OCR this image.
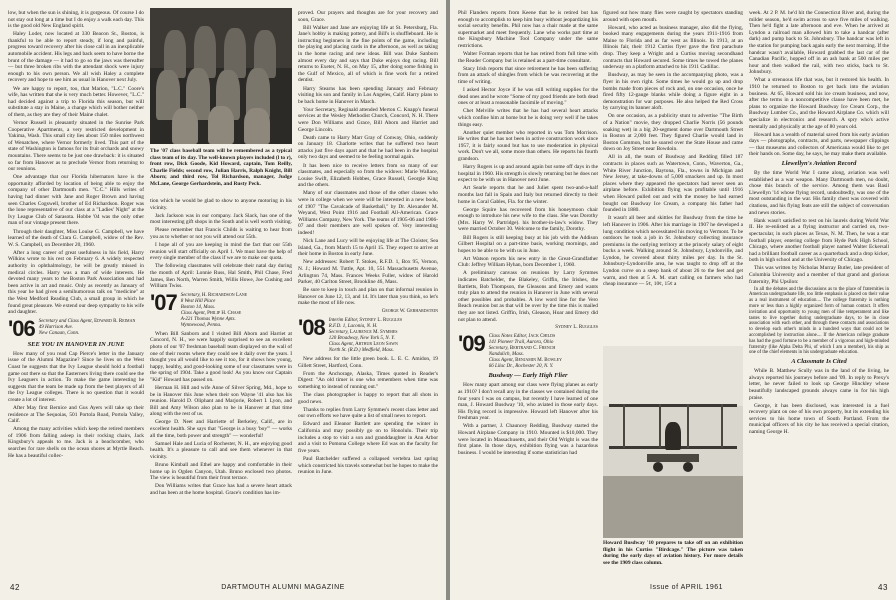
low, but when the sun is shining, it is gorgeous. Of course I do not stay out long at a time but I do enjoy a walk each day. This is the good old New England spirit.

Haley Loder, now located at 330 Beacon St., Boston, is thankful to be able to report steady, if long and painful, progress toward recovery after his close call in an inexplicable automobile accident. His legs and back seem to have borne the brunt of the damage — it had to go so the jaws was thereafter — but three broken ribs with the attendant shock were injury enough to his own person. We all wish Haley a complete recovery and hope to see him as usual in Hanover next July.

We are happy to report, too, that Marion, "L.C." Coore's wife, has written that she is very much better. However, "L.C." had decided against a trip to Florida this season, but will substitute a stay in Maine, a change which will bother neither of them, as they are they of their Maine chalet.

Vernor Russell is pleasantly situated in the Sunrise Park Cooperative Apartments, a very restricted development in Yakima, Wash. This small city lies about 150 miles northwest of Wenatchee, where Vernor formerly lived. This part of the state of Washington is famous for its fruit orchards and snowy mountains. There seems to be just one drawback: it is situated so far from Hanover as to preclude Vernor from returning to our reunions.

One advantage that our Florida hibernators have is the opportunity afforded by location of being able to enjoy the company of other Dartmouth men. "C.C." Hills writes of having had dinner with Jane and Roger Brown and having seen Charles Cogswell, brother of Ed Richardson. Roger was the lone representative of our class at a "Ladies' Night" at the Ivy League Club of Sarasota. Hobbe '04 was the only other man of our vintage present there.

Through their daughter, Miss Louise G. Campbell, we have learned of the death of Clara G. Campbell, widow of the Rev. W. S. Campbell, on December 20, 1960.

After a long career of great usefulness in his field, Harry Wilkins wrote to his rest on February 6. A widely respected authority in ophthalmology, he will be greatly missed in medical circles. Harry was a man of wide interests. He devoted many years to the Boston Park Association and had been active in art and music. Only as recently as January of this year he had given a semihumorous talk on "medicine" at the West Medford Reading Club, a small group in which he found great pleasure. We extend our deep sympathy to his wife and daughter.

'06 Secretary and Class Agent, Edward R. Reiman
49 Harrison Ave.
New Canaan, Conn.
SEE YOU IN HANOVER IN JUNE

How many of you read Cap Pierce's letter in the January issue of the Alumni Magazine? Since he lives on the West Coast he suggests that the Ivy League should hold a football game out there so that the Easterners living there could see the Ivy Leaguers in action. To make the game interesting he suggests that the team be made up from the best players of all the Ivy League colleges. There is no question that it would create a lot of interest.

After May first Bernice and Gus Ayers will take up their residence at The Sequoias, 501 Portola Road, Portola Valley, Calif.

Among the many activities which keep the retired members of 1906 from falling asleep in their rocking chairs, Jack Kingsbury's appeals to me. Jack is a beachcomber, who searches for rare shells on the ocean shores at Myrtle Beach. He has a beautiful collec-

The '07 class baseball team will be remembered as a typical class team of its day. The well-known players included (l to r), front row, Dick Goode, Kid Howard, captain, Tom Reilly, Charlie Fields; second row, Julian Harris, Ralph Knight, Bill Aborn; and third row, Tol Richardson, manager, Judge McLane, George Gerhardstein, and Rusty Peck.

tion which he would be glad to show to anyone motoring in his vicinity.

Jack Jackson was in our company. Jack Slack, has one of the most interesting gift shops in the South and is well worth visiting.

Please remember that Francis Childs is waiting to hear from you as to whether or not you will attend our 55th.

I hope all of you are keeping in mind the fact that our 55th reunion will start officially on April 1. We must have the help of every single member of the class if we are to make our quota.

The following classmates will celebrate their natal day during the month of April: Lonnie Russ, Hal Smith, Phil Chase, Fred James, Ben North, Warren Smith, Willis Howe, Joe Cushing and William Twiss.

'07 Secretary, H. Richardson Lane
8 West Hill Place
Boston 14, Mass.
Class Agent, Philip H. Chase
A-221 Thomas Wynne Apts.
Wynnewood, Penna.

When Bill Sanborn and I visited Bill Aborn and Harriet at Concord, N. H., we were happily surprised to see an excellent photo of our '07 freshman baseball team displayed on the wall of one of their rooms where they could see it daily over the years. I thought you all would like to see it too, for it shows how young, happy, healthy, and good-looking some of our classmates were in the spring of 1904. Take a good look! As you know our Captain "Kid" Howard has passed on.

Herman H. Hill and wife Anne of Silver Spring, Md., hope to be in Hanover this June when their son Wayne '41 also has his reunion. Harold D. Oliphant and Marjorie, Robert I. Lyon, and Bill and Amy Wilson also plan to be in Hanover at that time along with the rest of us.

George D. Neet and Harriette of Berkeley, Calif., are in excellent health. She says that "George is a busy 'boy'" — works all the time, both power and strength" — wonderful!

Samuel Hale and Lucia of Rochester, N. H., are enjoying good health. It's a pleasure to call and see them whenever in that vicinity.

Bruno Kimball and Ethel are happy and comfortable in their home up in Ogden Canyon, Utah. Bruno enclosed two photos. The view is beautiful from their front terrace.

Don Williams writes that Grace has had a severe heart attack and has been at the home hospital. Grace's condition has im-

proved. Our prayers and thoughts are for your recovery and soon, Grace.

Bill Walker and Jane are enjoying life at St. Petersburg, Fla. Jane's hobby is making pottery, and Bill's is shuffleboard. He is instructing beginners in the fine points of the game, including the playing and placing cards in the afternoon, as well as taking in the home racing and new ideas. Bill was Duke Sanborn almost every day and says that Duke enjoys dog racing. Bill returns to Exeter, N. H., on May 15, after doing some fishing in the Gulf of Mexico, all of which is fine work for a retired dentist.

Harry Stearns has been spending January and February visiting his son and family in Los Angeles, Calif. Harry plans to be back home in Hanover in March.

Your Secretary, Reginald attended Merton C. Knapp's funeral services at the Wesley Methodist Church, Concord, N. H. There were Don Williams and Grace, Bill Aborn and Harriet and George Lincoln.

Death came to Harry Marr Gray of Conway, Ohio, suddenly on January 18. Charlotte writes that he suffered two heart attacks just five days apart and that he had been in the hospital only two days and seemed to be feeling normal again.

It has been nice to receive letters from so many of our classmates, and especially so from the widows: Marie Wallace, Louise Swift, Elizabeth Hobbes, Grace Russell, Georgie King and the others.

Many of our classmates and those of the other classes who were in college when we were will be interested in a new book, of 1907 "The Cavalcade of Basketball," by Dr. Alexander M. Weyand, West Point 1916 and Football All-American. Grace Williams Company, New York. The teams of 1905-06 and 1906-07 and their members are well spoken of. Very interesting indeed!

Nick Lane and Lucy will be enjoying life at The Cloister, Sea Island, Ga., from March 15 to April 15. They expect to arrive at their home in Boston in early June.

New addresses: Robert T. Stokes, R.F.D. 1, Box 95, Vernon, N. J.; Howard M. Tuttle, Apt. 10, 551 Massachusetts Avenue, Arlington 74, Mass. Frances Weeks Fuller, widow of Harold Parker, 40 Carlton Street, Brookline 46, Mass.

Be sure to keep in touch and plan on that informal reunion in Hanover on June 12, 13, and 14. It's later than you think, so let's make the most of life now.

George W. Gerhardstein
'08 Interim Editor, Sydney L. Ruggles
R.F.D. 1, Laconia, N. H.
Secretary, Laurence M. Symmes
120 Broadway, New York 5, N. Y.
Class Agent, Arthur Leon Sawn
North St. (R.D.) Medfield, Mass.

New address for the little green book. L. E. C. Amidon, 19 Gillett Street, Hartford, Conn.

From the Anchorage, Alaska, Times quoted in Reader's Digest: "An old timer is one who remembers when time was something to instead of running out."

The class photographer is happy to report that all shots in good news.

Thanks to replies from Larry Symmes's recent class letter and our own efforts we have quite a list of small news to report.

Edward and Eleanor Bartlett are spending the winter in California and may possibly go on to Honolulu. Their trip includes a stop to visit a son and granddaughter in Ann Arbor and a visit to Pomona College where Ed was on the faculty for five years.

Paul Batchelder suffered a collapsed vertebra last spring which constricted his travels somewhat but he hopes to make the reunion in June.

42	DARTMOUTH ALUMNI MAGAZINE

Phil Flanders reports from Keene that he is retired but has enough to accomplish to keep him busy without jeopardizing his social security benefits. Phil now has a chair made at the same supermarket and meet frequently. Lane who works part time at the Kingsbury Machine Tool Company under the same restrictions.

Walter Forman reports that he has retired from full time with the Reader Company but is retained as a part-time consultant.

Stacy Irish reports that since retirement he has been suffering from an attack of shingles from which he was recovering at the time of writing.

I asked Hector Joyce if he was still writing supplies for the dead ones and he wrote "Some of my good friends are both dead ones or at least a reasonable facsimile of moving."

Chet Melville writes that he has had several heart attacks which confine him at home but he is doing very well if he takes things easy.

Another quiet member who reported in was Tom Morrison. He writes that he has not been in active construction work since 1957, it is fairly sound but has to use moderation in physical work. Don't we all, some more than others. He reports his fourth grandson.

Harry Rogers is up and around again but some off days in the hospital in 1960. His strength is slowly returning but he does not expect to be with us in Hanover next June.

Art Searle reports that he and Juliet spent two-and-a-half months last fall in Spain and Italy but returned directly to their home in Coral Gables, Fla. for the winter.

George Squire has recovered from his honeymoon chair enough to introduce his new wife to the class. She was Dorothy (Mrs. Harry W. Partridge). his brother-in-law's widow. They were married October 30. Welcome to the family, Dorothy.

Bill Rogers is still keeping busy at his job with the Addison Gilbert Hospital on a part-time basis, working mornings, and hopes to be able to be with us in June.

Art Watson reports his new entry in the Great-Grandfather Club: Jeffrey William Hyhan, born December 1, 1960.

A preliminary canvass on reunions by Larry Symmes indicates Batchelder, the Blakeley, Griffin, the Irishes, the Bartletts, Bob Thompson, the Gleasons and Emery and wants truly plan to attend the reunion in Hanover in June with several other possibles and probables. A low word line for the Vero Beach reunion but as that will be over by the time this is mailed they are not listed. Griffin, Irish, Gleason, Hoar and Emery did not plan to attend.

Sydney L. Ruggles
'09 Class Notes Editor, Jack Childs
141 Pioneer Trail, Aurora, Ohio
Secretary, Bertrand C. French
Nandulich, Mass.
Class Agent, Benjamin M. Bowley
66 Lilac Dr., Rochester 20, N. Y.
Busdway — Early High Flier

How many apart among our class were flying planes as early as 1910? I don't recall any in the classes we contained during the four years I was on campus, but recently I have learned of one man, J. Howard Busdway '10, who aviated in those early days. His flying record is impressive. Howard left Hanover after his freshman year.

With a partner, J. Chauncey Redding, Busdway started the Howard Airplane Company in 1910. Mounted is $10,000. They were located in Massachusetts, and their Old Wright is was the first plane. In those days, exhibition flying was a hazardous business. I would be interesting if some statistician had

figured out how many flies were caught by spectators standing around with open mouth.

Howard, who acted as business manager, also did the flying, booked many engagements during the years 1911-1916 from Maine to Florida and as far west as Illinois. In 1913, at an Illinois fair, their 1912 Curtiss flyer gave the first parachute drop. They keep a Wright and a Curtiss moving secondhand contracts that Howard secured. Some times he towed the planes underway on a platform attached to his 1911 Cadillac.

Busdway, as may be seen in the accompanying photo, was a flyer in his own right. Some times he would go up and drop bombs made from pieces of rock and, on one occasion, once he fired fifty 12-gauge blanks while doing a figure eight in a demonstration for war purposes. He also helped the Red Cross by carrying its banner aloft.

On one occasion, as a publicity stunt to advertise "The Birth of a Nation" movie, they dropped Charlie Norris (56 pounds soaking wet) in a big 20-segment dome over Dartmouth Street in Boston at 2,000 feet. They figured Charlie would land in Boston Common, but he soared over the State House and came down on Joy Street near Bowdoin.

All in all, the team of Busdway and Redding filled 187 contracts in places such as Watertown, Conn., Waverton, Ga., White River Junction, Baytona, Fla., towns in Michigan and New Jersey, at take-downs of 5,000 smackers and up. In most places where they appeared the spectators had never seen an airplane before. Exhibition flying was profitable until 1916 when Howard pulled out and with the money he had earned bought out Busdway Ice Cream, a company his father had founded in 1880.

It wasn't all beer and skittles for Busdway from the time he left Hanover in 1906. After his marriage in 1907 he developed a lung condition which necessitated his moving to Vermont. To be outdoors he took a job in St. Johnsbury collecting insurance premiums in the outlying territory at the princely salary of eight bucks a week. Walking around St. Johnsbury, Lyndonville, and Lyndon, he covered about thirty miles per day. In the St. Johnsbury-Lyndonville area, he was taught to drop off at the Lyndon curve on a steep bank of about 26 to the feet and get warm, and then at 5 A. M. start calling on farmers who had cheap insurance — 5¢, 10¢, 15¢ a

Howard Busdway '10 prepares to take off on an exhibition flight in his Curtiss "Birdcage." The picture was taken during the early days of aviation history. For more details see the 1909 class column.

week. At 2 P. M. he'd hit the Connecticut River and, during the milder season, he'd swim across to save five miles of walking. Then he'd fight a late afternoon and eve. When he arrived at Lyndon a railroad man allowed him to take a handcar (after dark) and pump back to St. Johnsbury. The handcar was left in the station for pumping back again early the next morning. If the handcar wasn't available, Howard grabbed the last car of the Canadian Pacific, hopped off in an ash bank at 500 miles per hour and then walked the rail, with two sticks, back to St. Johnsbury.

What a strenuous life that was, but it restored his health. In 1910 he returned to Boston to get back into the aviation business. At 65, Howard sold his ice cream business, and now, after the terms in a noncompetitive clause have been met, he plans to organize the Howard Busdway Ice Cream Corp., the Busdway Lumber Co., and the Howard Airplane Co. which will specialize in electronics and research. A spry who's active mentally and physically at the age of 80 years old.

Howard has a wealth of material saved from his early aviation days — photographs, contracts, and parts, newspaper clippings — that museums and collectors of Americana would like to get their hands on. Some day, he says, he may make them available.

Llewellyn's Aviation Record

By the time World War I came along, aviation was well established as a war weapon. Many Dartmouth men, no doubt, chose this branch of the service. Among them was Basil Llewellyn '14 whose flying record, undoubtedly, was one of the most outstanding in the war. His family chest was covered with citations, and his flying feats are still the subject of conversation and news stories.

Hank wasn't satisfied to rest on his laurels during World War II. He re-enlisted as a flying instructor and carried on, two-spectacular, in such places as Texas, N. M. Then, he was a star football player, entering college from Hyde Park High School, Chicago, where another football player named Walter Eckersall had a brilliant football career as a quarterback and a drop kicker, both in high school and at the University of Chicago.

This was written by Nicholas Murray Butler, late president of Columbia University and a member of that grand and glorious fraternity, Phi Upsilon:

In all the debates and the discussions as to the place of fraternities in American undergraduate life, too little emphasis is placed on their value as a real instrument of education.... The college fraternity is nothing more or less than a highly organized form of human contact. It offers invitation and opportunity to young men of like temperament and like tastes to live together during undergraduate days, to be in close association with each other, and through these contacts and associations to develop each other's minds in a hundred ways that could not be accomplished by instruction alone.... If the American college graduate has had the good fortune to be a member of a vigorous and high-minded fraternity (like Alpha Delta Phi, of which I am a member), his ship as one of the chief elements in his undergraduate education.

A Classmate Is Cited

While B. Matthew Scully was in the land of the living, he always reported his journeys before and '09. In reply to Prexy's letter, he never failed to look up George Hinckley whose beautifully landscaped grounds always came in for his high praise.

George, it has been disclosed, was interested in a fuel recovery plant on one of his own property, but its extending his services to his home town of South Portland. From the municipal officers of his city he has received a special citation, naming George H.

Issue of APRIL 1961	43
